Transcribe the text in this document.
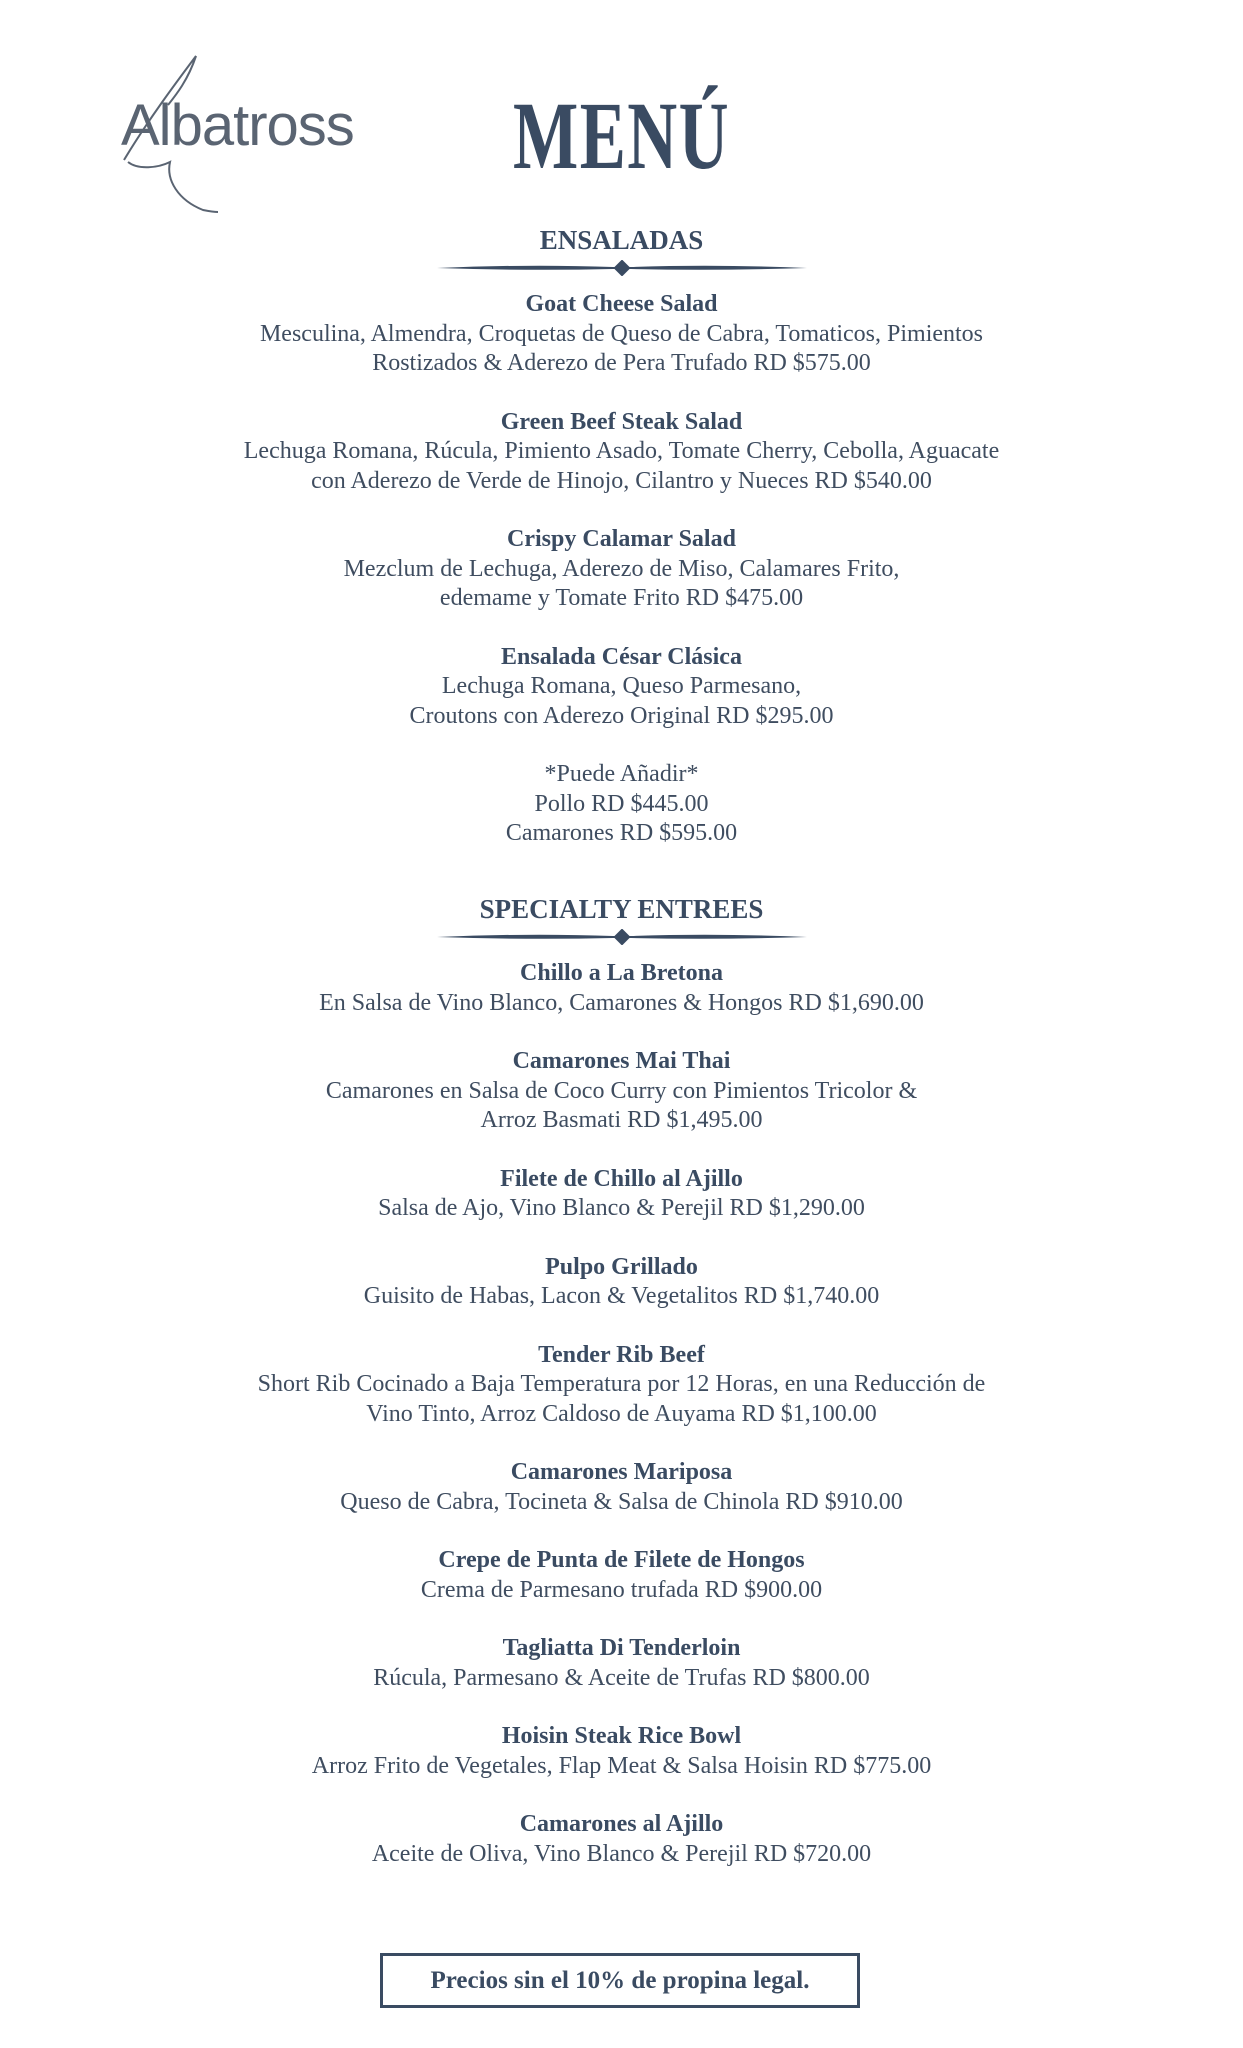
Albatross	MENÚ
ENSALADAS
Goat Cheese Salad
Mesculina, Almendra, Croquetas de Queso de Cabra, Tomaticos, Pimientos
Rostizados & Aderezo de Pera Trufado RD $575.00
Green Beef Steak Salad
Lechuga Romana, Rúcula, Pimiento Asado, Tomate Cherry, Cebolla, Aguacate
con Aderezo de Verde de Hinojo, Cilantro y Nueces RD $540.00
Crispy Calamar Salad
Mezclum de Lechuga, Aderezo de Miso, Calamares Frito,
edemame y Tomate Frito RD $475.00
Ensalada César Clásica
Lechuga Romana, Queso Parmesano,
Croutons con Aderezo Original RD $295.00
*Puede Añadir*
Pollo RD $445.00
Camarones RD $595.00
SPECIALTY ENTREES
Chillo a La Bretona
En Salsa de Vino Blanco, Camarones & Hongos RD $1,690.00
Camarones Mai Thai
Camarones en Salsa de Coco Curry con Pimientos Tricolor &
Arroz Basmati RD $1,495.00
Filete de Chillo al Ajillo
Salsa de Ajo, Vino Blanco & Perejil RD $1,290.00
Pulpo Grillado
Guisito de Habas, Lacon & Vegetalitos RD $1,740.00
Tender Rib Beef
Short Rib Cocinado a Baja Temperatura por 12 Horas, en una Reducción de
Vino Tinto, Arroz Caldoso de Auyama RD $1,100.00
Camarones Mariposa
Queso de Cabra, Tocineta & Salsa de Chinola RD $910.00
Crepe de Punta de Filete de Hongos
Crema de Parmesano trufada RD $900.00
Tagliatta Di Tenderloin
Rúcula, Parmesano & Aceite de Trufas RD $800.00
Hoisin Steak Rice Bowl
Arroz Frito de Vegetales, Flap Meat & Salsa Hoisin RD $775.00
Camarones al Ajillo
Aceite de Oliva, Vino Blanco & Perejil RD $720.00
Precios sin el 10% de propina legal.
